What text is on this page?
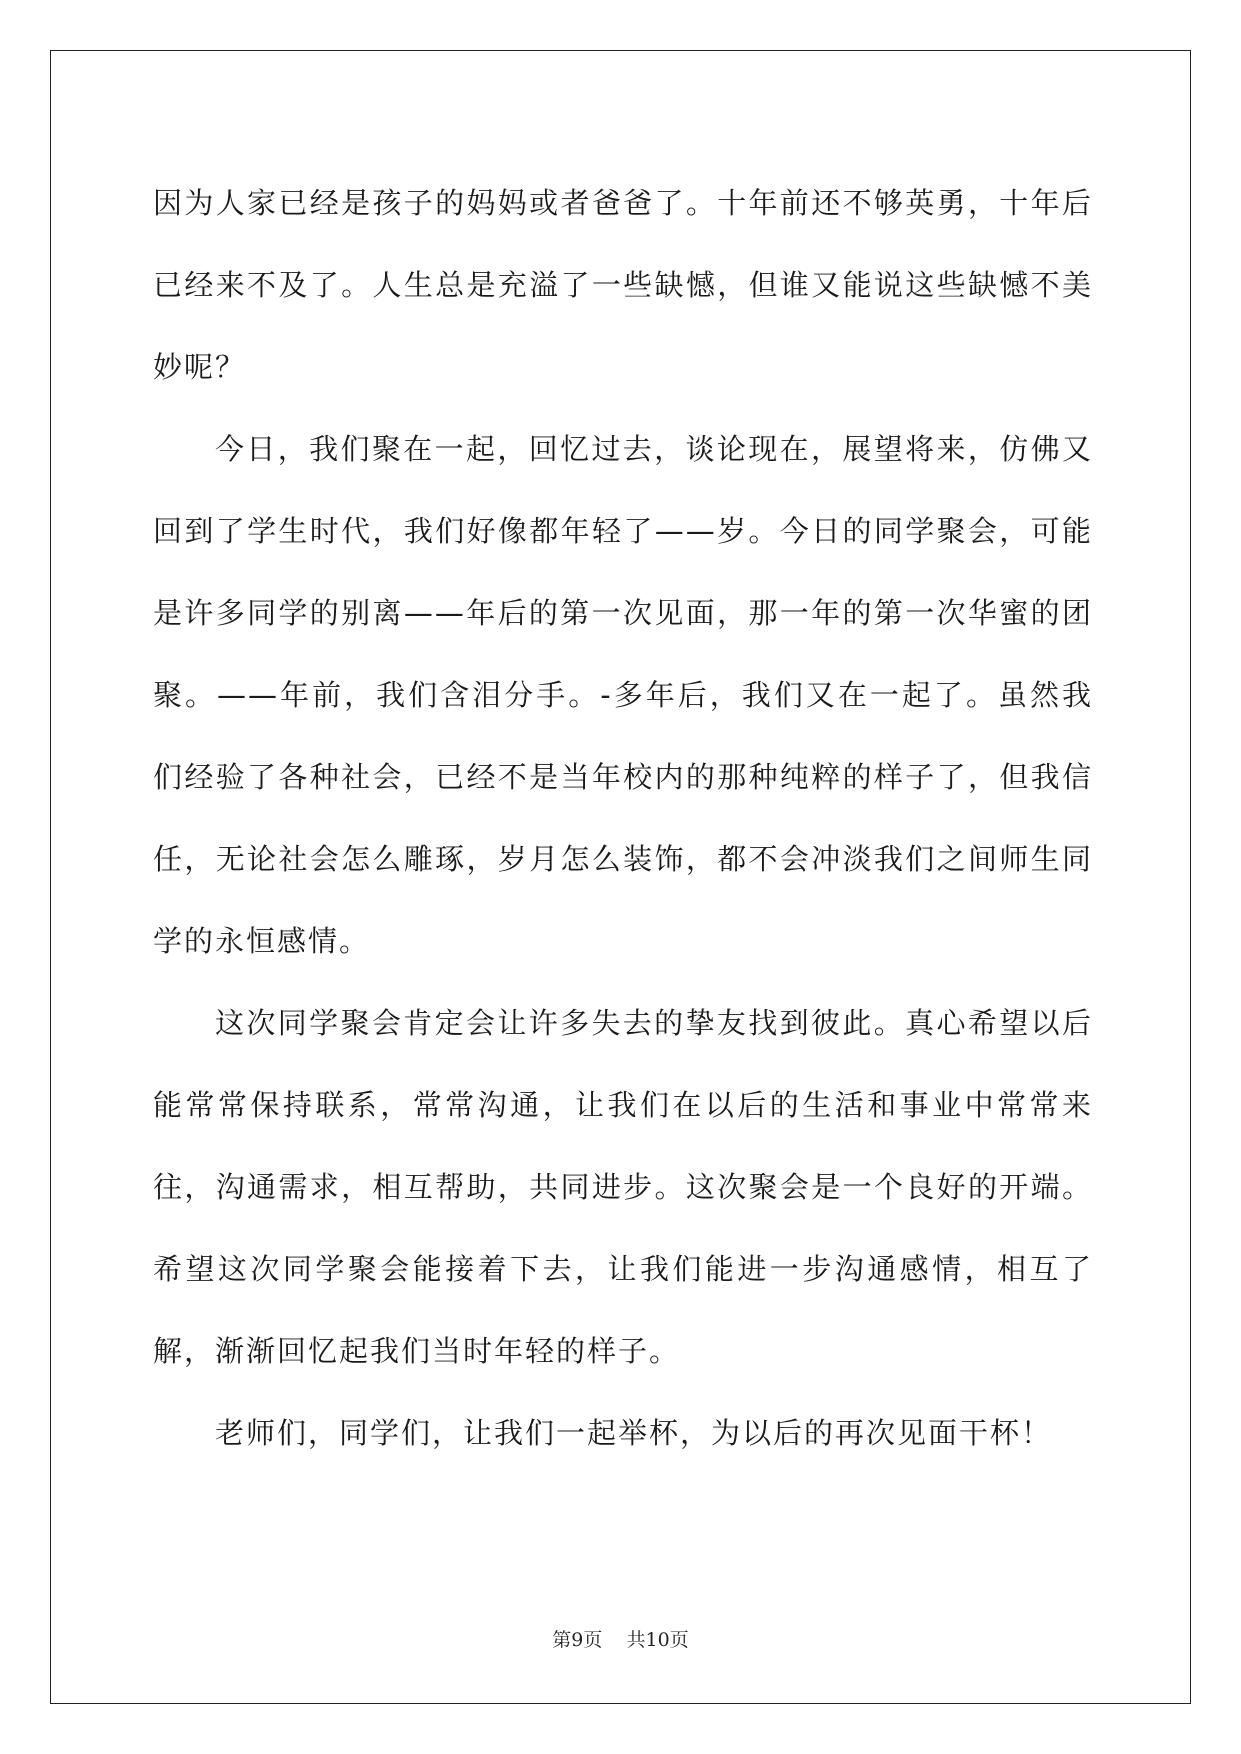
因为人家已经是孩子的妈妈或者爸爸了。十年前还不够英勇，十年后已经来不及了。人生总是充溢了一些缺憾，但谁又能说这些缺憾不美妙呢？

今日，我们聚在一起，回忆过去，谈论现在，展望将来，仿佛又回到了学生时代，我们好像都年轻了——岁。今日的同学聚会，可能是许多同学的别离——年后的第一次见面，那一年的第一次华蜜的团聚。——年前，我们含泪分手。-多年后，我们又在一起了。虽然我们经验了各种社会，已经不是当年校内的那种纯粹的样子了，但我信任，无论社会怎么雕琢，岁月怎么装饰，都不会冲淡我们之间师生同学的永恒感情。

这次同学聚会肯定会让许多失去的挚友找到彼此。真心希望以后能常常保持联系，常常沟通，让我们在以后的生活和事业中常常来往，沟通需求，相互帮助，共同进步。这次聚会是一个良好的开端。希望这次同学聚会能接着下去，让我们能进一步沟通感情，相互了解，渐渐回忆起我们当时年轻的样子。

老师们，同学们，让我们一起举杯，为以后的再次见面干杯！

第9页 共10页
